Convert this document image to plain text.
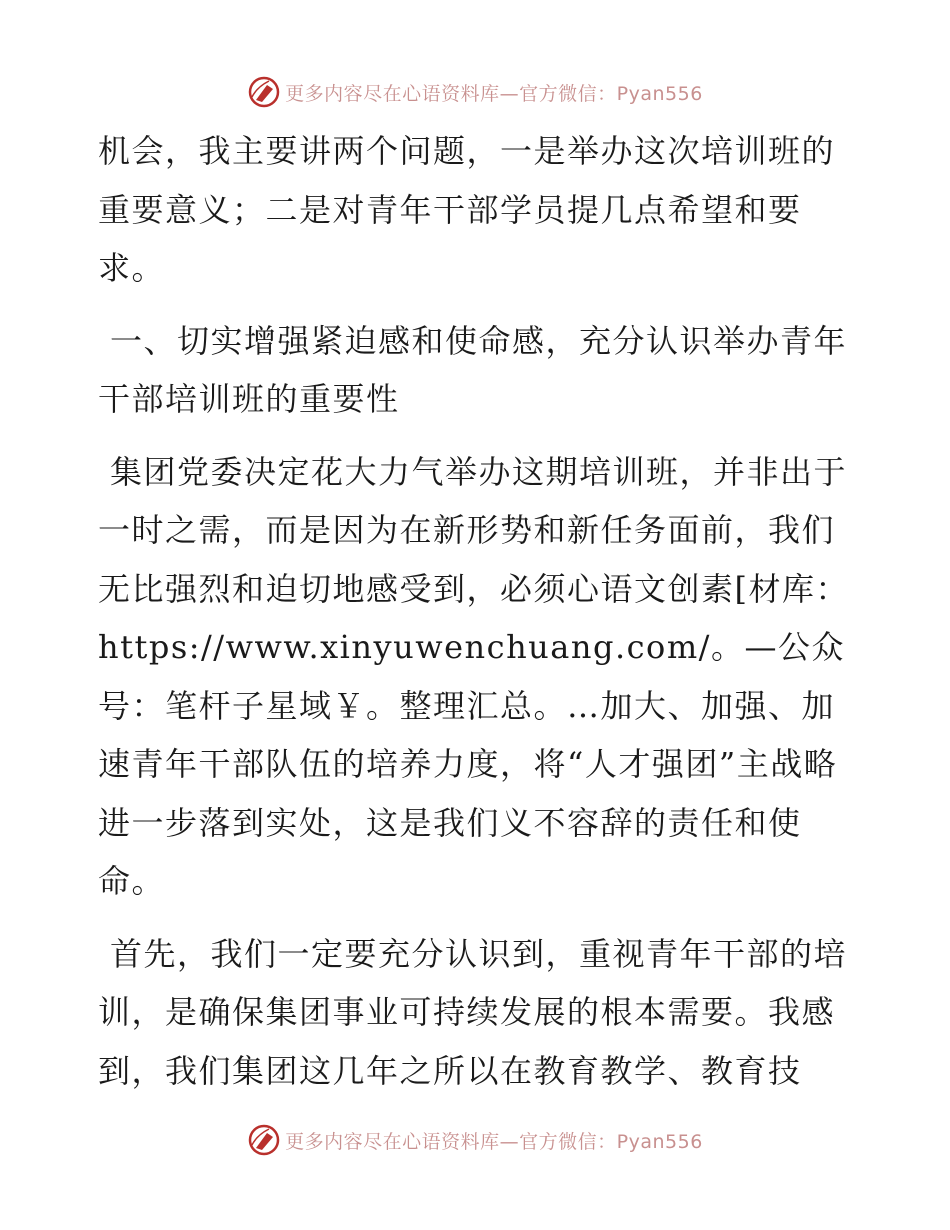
更多内容尽在心语资料库—官方微信：Pyan556

机会，我主要讲两个问题，一是举办这次培训班的重要意义；二是对青年干部学员提几点希望和要求。

一、切实增强紧迫感和使命感，充分认识举办青年干部培训班的重要性

集团党委决定花大力气举办这期培训班，并非出于一时之需，而是因为在新形势和新任务面前，我们无比强烈和迫切地感受到，必须心语文创素[材库：https://www.xinyuwenchuang.com/。—公众号：笔杆子星域￥。整理汇总。…加大、加强、加速青年干部队伍的培养力度，将“人才强团”主战略进一步落到实处，这是我们义不容辞的责任和使命。

首先，我们一定要充分认识到，重视青年干部的培训，是确保集团事业可持续发展的根本需要。我感到，我们集团这几年之所以在教育教学、教育技

更多内容尽在心语资料库—官方微信：Pyan556
